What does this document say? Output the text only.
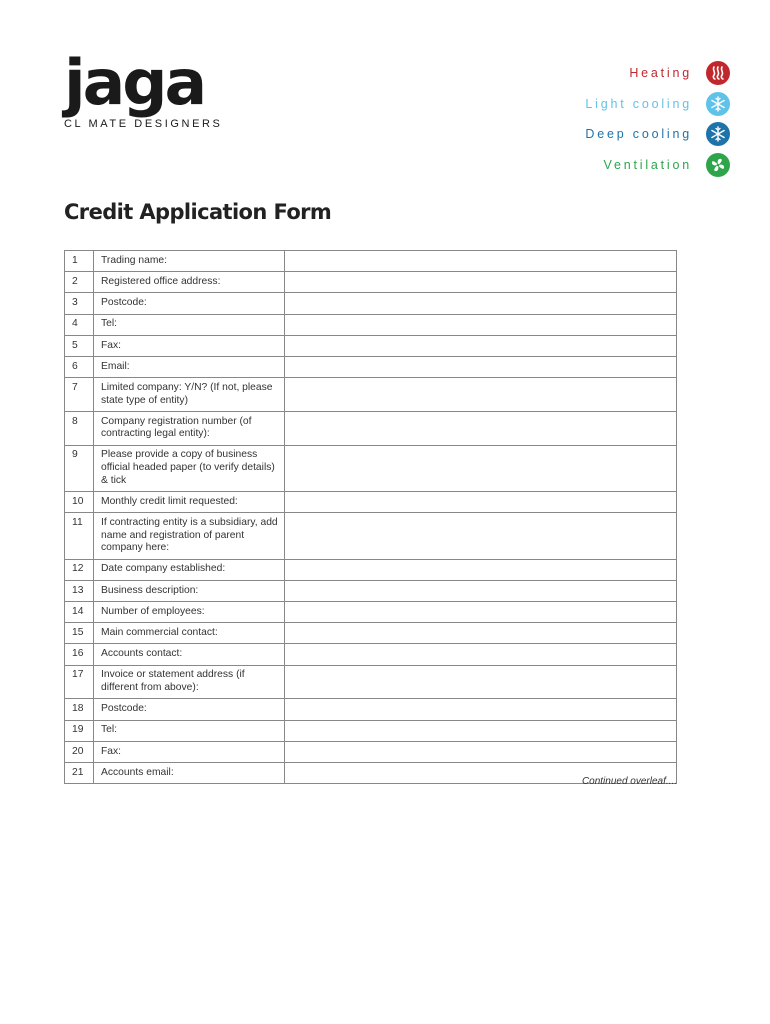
jaga
CL MATE DESIGNERS
Heating
Light cooling
Deep cooling
Ventilation
Credit Application Form
1	Trading name:	
2	Registered office address:	
3	Postcode:	
4	Tel:	
5	Fax:	
6	Email:	
7	Limited company: Y/N? (If not, please state type of entity)	
8	Company registration number (of contracting legal entity):	
9	Please provide a copy of business official headed paper (to verify details) & tick	
10	Monthly credit limit requested:	
11	If contracting entity is a subsidiary, add name and registration of parent company here:	
12	Date company established:	
13	Business description:	
14	Number of employees:	
15	Main commercial contact:	
16	Accounts contact:	
17	Invoice or statement address (if different from above):	
18	Postcode:	
19	Tel:	
20	Fax:	
21	Accounts email:	
Continued overleaf....
